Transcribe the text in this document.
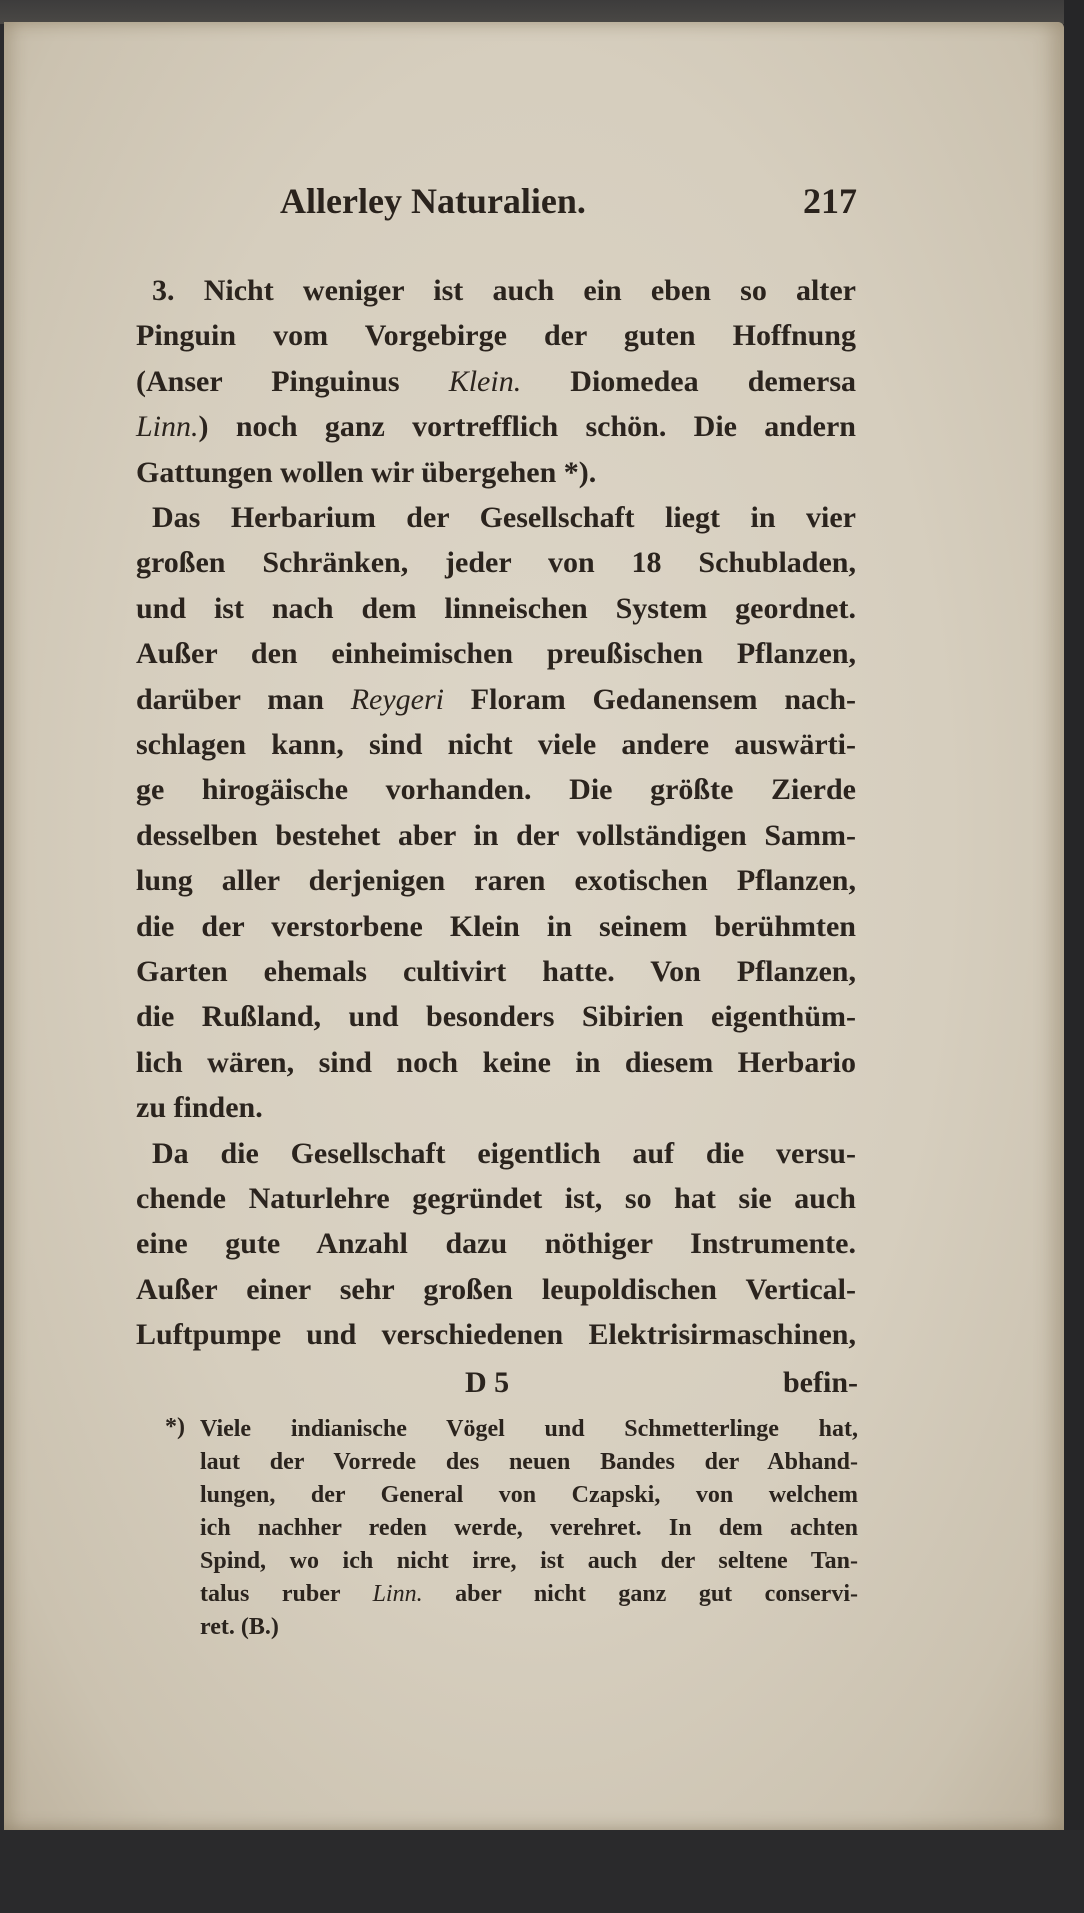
Allerley Naturalien.	217
3. Nicht weniger ist auch ein eben so alter
Pinguin vom Vorgebirge der guten Hoffnung
(Anser Pinguinus Klein. Diomedea demersa
Linn.) noch ganz vortrefflich schön. Die andern
Gattungen wollen wir übergehen *).
Das Herbarium der Gesellschaft liegt in vier
großen Schränken, jeder von 18 Schubladen,
und ist nach dem linneischen System geordnet.
Außer den einheimischen preußischen Pflanzen,
darüber man Reygeri Floram Gedanensem nach-
schlagen kann, sind nicht viele andere auswärti-
ge hirogäische vorhanden. Die größte Zierde
desselben bestehet aber in der vollständigen Samm-
lung aller derjenigen raren exotischen Pflanzen,
die der verstorbene Klein in seinem berühmten
Garten ehemals cultivirt hatte. Von Pflanzen,
die Rußland, und besonders Sibirien eigenthüm-
lich wären, sind noch keine in diesem Herbario
zu finden.
Da die Gesellschaft eigentlich auf die versu-
chende Naturlehre gegründet ist, so hat sie auch
eine gute Anzahl dazu nöthiger Instrumente.
Außer einer sehr großen leupoldischen Vertical-
Luftpumpe und verschiedenen Elektrisirmaschinen,
D 5	befin-
*) Viele indianische Vögel und Schmetterlinge hat,
laut der Vorrede des neuen Bandes der Abhand-
lungen, der General von Czapski, von welchem
ich nachher reden werde, verehret. In dem achten
Spind, wo ich nicht irre, ist auch der seltene Tan-
talus ruber Linn. aber nicht ganz gut conservi-
ret. (B.)
